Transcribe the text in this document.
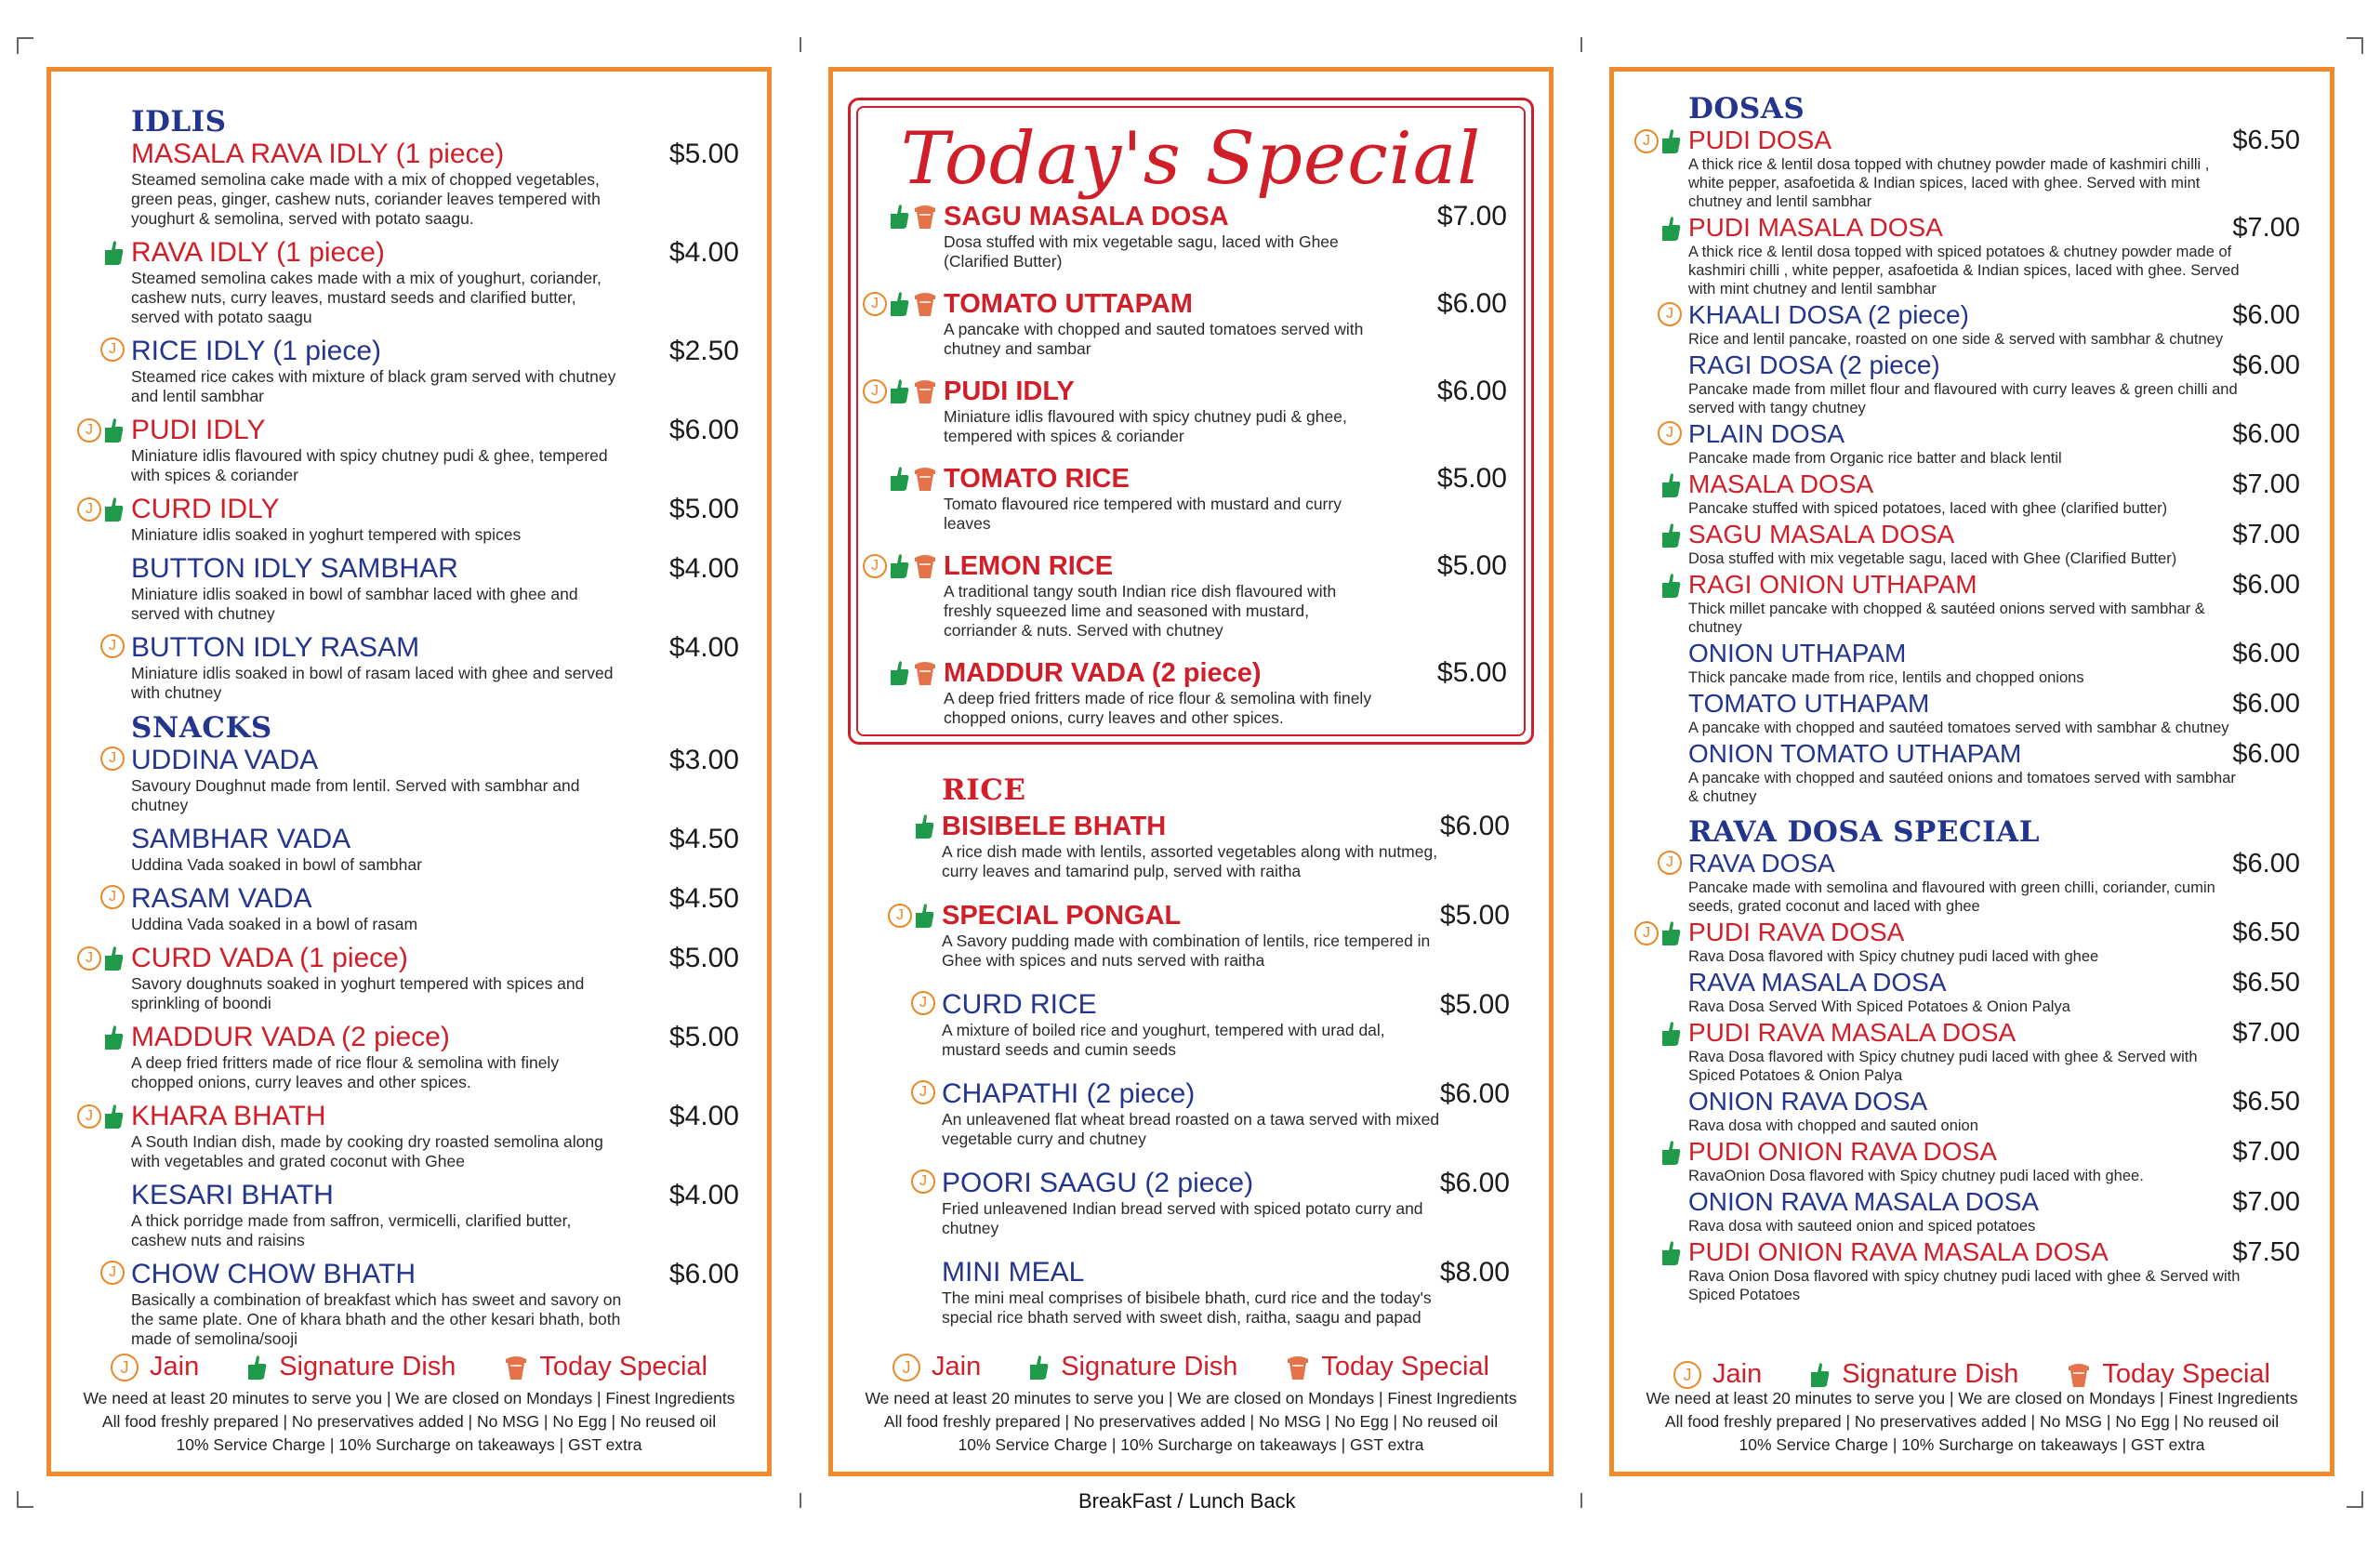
IDLIS
MASALA RAVA IDLY (1 piece)	$5.00
Steamed semolina cake made with a mix of chopped vegetables, green peas, ginger, cashew nuts, coriander leaves tempered with youghurt & semolina, served with potato saagu.
RAVA IDLY (1 piece)	$4.00
Steamed semolina cakes made with a mix of youghurt, coriander, cashew nuts, curry leaves, mustard seeds and clarified butter, served with potato saagu
J RICE IDLY (1 piece)	$2.50
Steamed rice cakes with mixture of black gram served with chutney and lentil sambhar
J	PUDI IDLY	$6.00
Miniature idlis flavoured with spicy chutney pudi & ghee, tempered with spices & coriander
J	CURD IDLY	$5.00
Miniature idlis soaked in yoghurt tempered with spices
BUTTON IDLY SAMBHAR	$4.00
Miniature idlis soaked in bowl of sambhar laced with ghee and served with chutney
J BUTTON IDLY RASAM	$4.00
Miniature idlis soaked in bowl of rasam laced with ghee and served with chutney
SNACKS
J UDDINA VADA	$3.00
Savoury Doughnut made from lentil. Served with sambhar and chutney
SAMBHAR VADA	$4.50
Uddina Vada soaked in bowl of sambhar
J RASAM VADA	$4.50
Uddina Vada soaked in a bowl of rasam
J	CURD VADA (1 piece)	$5.00
Savory doughnuts soaked in yoghurt tempered with spices and sprinkling of boondi
MADDUR VADA (2 piece)	$5.00
A deep fried fritters made of rice flour & semolina with finely chopped onions, curry leaves and other spices.
J	KHARA BHATH	$4.00
A South Indian dish, made by cooking dry roasted semolina along with vegetables and grated coconut with Ghee
KESARI BHATH	$4.00
A thick porridge made from saffron, vermicelli, clarified butter, cashew nuts and raisins
J CHOW CHOW BHATH	$6.00
Basically a combination of breakfast which has sweet and savory on the same plate. One of khara bhath and the other kesari bhath, both made of semolina/sooji
J Jain	Signature Dish	Today Special
We need at least 20 minutes to serve you | We are closed on Mondays | Finest Ingredients
All food freshly prepared | No preservatives added | No MSG | No Egg | No reused oil
10% Service Charge | 10% Surcharge on takeaways | GST extra
Today's Special
SAGU MASALA DOSA	$7.00
Dosa stuffed with mix vegetable sagu, laced with Ghee (Clarified Butter)
J	TOMATO UTTAPAM	$6.00
A pancake with chopped and sauted tomatoes served with chutney and sambar
J	PUDI IDLY	$6.00
Miniature idlis flavoured with spicy chutney pudi & ghee, tempered with spices & coriander
TOMATO RICE	$5.00
Tomato flavoured rice tempered with mustard and curry leaves
J	LEMON RICE	$5.00
A traditional tangy south Indian rice dish flavoured with freshly squeezed lime and seasoned with mustard, corriander & nuts. Served with chutney
MADDUR VADA (2 piece)	$5.00
A deep fried fritters made of rice flour & semolina with finely chopped onions, curry leaves and other spices.
RICE
BISIBELE BHATH	$6.00
A rice dish made with lentils, assorted vegetables along with nutmeg, curry leaves and tamarind pulp, served with raitha
J	SPECIAL PONGAL	$5.00
A Savory pudding made with combination of lentils, rice tempered in Ghee with spices and nuts served with raitha
J CURD RICE	$5.00
A mixture of boiled rice and youghurt, tempered with urad dal, mustard seeds and cumin seeds
J CHAPATHI (2 piece)	$6.00
An unleavened flat wheat bread roasted on a tawa served with mixed vegetable curry and chutney
J POORI SAAGU (2 piece)	$6.00
Fried unleavened Indian bread served with spiced potato curry and chutney
MINI MEAL	$8.00
The mini meal comprises of bisibele bhath, curd rice and the today's special rice bhath served with sweet dish, raitha, saagu and papad
J Jain	Signature Dish	Today Special
We need at least 20 minutes to serve you | We are closed on Mondays | Finest Ingredients
All food freshly prepared | No preservatives added | No MSG | No Egg | No reused oil
10% Service Charge | 10% Surcharge on takeaways | GST extra
DOSAS
J	PUDI DOSA	$6.50
A thick rice & lentil dosa topped with chutney powder made of kashmiri chilli , white pepper, asafoetida & Indian spices, laced with ghee. Served with mint chutney and lentil sambhar
PUDI MASALA DOSA	$7.00
A thick rice & lentil dosa topped with spiced potatoes & chutney powder made of kashmiri chilli , white pepper, asafoetida & Indian spices, laced with ghee. Served with mint chutney and lentil sambhar
J KHAALI DOSA (2 piece)	$6.00
Rice and lentil pancake, roasted on one side & served with sambhar & chutney
RAGI DOSA (2 piece)	$6.00
Pancake made from millet flour and flavoured with curry leaves & green chilli and served with tangy chutney
J PLAIN DOSA	$6.00
Pancake made from Organic rice batter and black lentil
MASALA DOSA	$7.00
Pancake stuffed with spiced potatoes, laced with ghee (clarified butter)
SAGU MASALA DOSA	$7.00
Dosa stuffed with mix vegetable sagu, laced with Ghee (Clarified Butter)
RAGI ONION UTHAPAM	$6.00
Thick millet pancake with chopped & sautéed onions served with sambhar & chutney
ONION UTHAPAM	$6.00
Thick pancake made from rice, lentils and chopped onions
TOMATO UTHAPAM	$6.00
A pancake with chopped and sautéed tomatoes served with sambhar & chutney
ONION TOMATO UTHAPAM	$6.00
A pancake with chopped and sautéed onions and tomatoes served with sambhar & chutney
RAVA DOSA SPECIAL
J RAVA DOSA	$6.00
Pancake made with semolina and flavoured with green chilli, coriander, cumin seeds, grated coconut and laced with ghee
J	PUDI RAVA DOSA	$6.50
Rava Dosa flavored with Spicy chutney pudi laced with ghee
RAVA MASALA DOSA	$6.50
Rava Dosa Served With Spiced Potatoes & Onion Palya
PUDI RAVA MASALA DOSA	$7.00
Rava Dosa flavored with Spicy chutney pudi laced with ghee & Served with Spiced Potatoes & Onion Palya
ONION RAVA DOSA	$6.50
Rava dosa with chopped and sauted onion
PUDI ONION RAVA DOSA	$7.00
RavaOnion Dosa flavored with Spicy chutney pudi laced with ghee.
ONION RAVA MASALA DOSA	$7.00
Rava dosa with sauteed onion and spiced potatoes
PUDI ONION RAVA MASALA DOSA	$7.50
Rava Onion Dosa flavored with spicy chutney pudi laced with ghee & Served with Spiced Potatoes
J Jain	Signature Dish	Today Special
We need at least 20 minutes to serve you | We are closed on Mondays | Finest Ingredients
All food freshly prepared | No preservatives added | No MSG | No Egg | No reused oil
10% Service Charge | 10% Surcharge on takeaways | GST extra
BreakFast / Lunch Back
